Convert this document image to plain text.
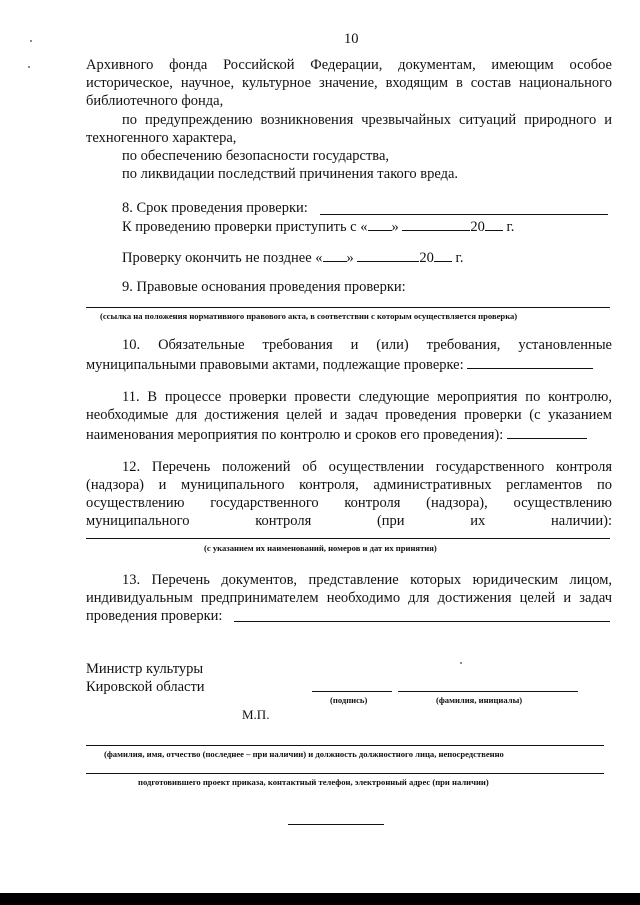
10
Архивного фонда Российской Федерации, документам, имеющим особое
историческое, научное, культурное значение, входящим в состав национального
библиотечного фонда,
по предупреждению возникновения чрезвычайных ситуаций природного и
техногенного характера,
по обеспечению безопасности государства,
по ликвидации последствий причинения такого вреда.
8. Срок проведения проверки:
К проведению проверки приступить с « »	20 г.
Проверку окончить не позднее « »	20 г.
9. Правовые основания проведения проверки:
(ссылка на положения нормативного правового акта, в соответствии с которым осуществляется проверка)
10. Обязательные требования и (или) требования, установленные
муниципальными правовыми актами, подлежащие проверке:
11. В процессе проверки провести следующие мероприятия по контролю,
необходимые для достижения целей и задач проведения проверки (с указанием
наименования мероприятия по контролю и сроков его проведения):
12. Перечень положений об осуществлении государственного контроля
(надзора) и муниципального контроля, административных регламентов по
осуществлению государственного контроля (надзора), осуществлению
муниципального контроля (при их наличии):
(с указанием их наименований, номеров и дат их принятия)
13. Перечень документов, представление которых юридическим лицом,
индивидуальным предпринимателем необходимо для достижения целей и задач
проведения проверки:
Министр культуры
Кировской области
(подпись)	(фамилия, инициалы)
М.П.
(фамилия, имя, отчество (последнее – при наличии) и должность должностного лица, непосредственно
подготовившего проект приказа, контактный телефон, электронный адрес (при наличии)
